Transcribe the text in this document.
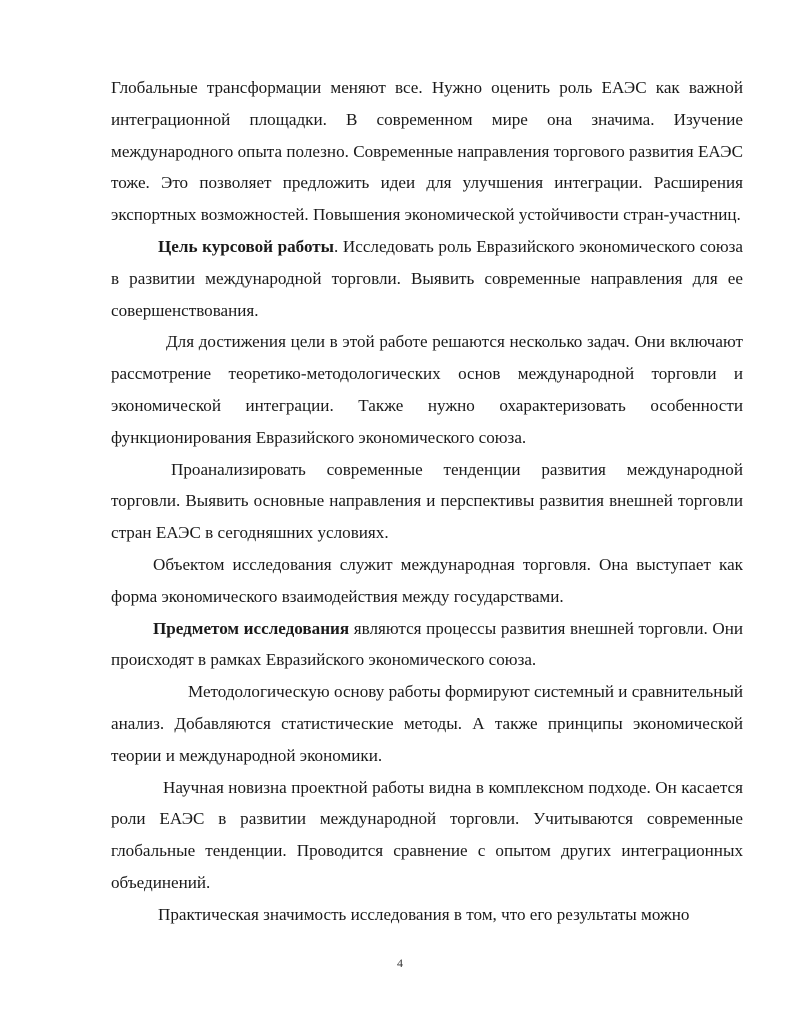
Глобальные трансформации меняют все. Нужно оценить роль ЕАЭС как важной интеграционной площадки. В современном мире она значима. Изучение международного опыта полезно. Современные направления торгового развития ЕАЭС тоже. Это позволяет предложить идеи для улучшения интеграции. Расширения экспортных возможностей. Повышения экономической устойчивости стран-участниц.

Цель курсовой работы. Исследовать роль Евразийского экономического союза в развитии международной торговли. Выявить современные направления для ее совершенствования.

Для достижения цели в этой работе решаются несколько задач. Они включают рассмотрение теоретико-методологических основ международной торговли и экономической интеграции. Также нужно охарактеризовать особенности функционирования Евразийского экономического союза.

Проанализировать современные тенденции развития международной торговли. Выявить основные направления и перспективы развития внешней торговли стран ЕАЭС в сегодняшних условиях.

Объектом исследования служит международная торговля. Она выступает как форма экономического взаимодействия между государствами.

Предметом исследования являются процессы развития внешней торговли. Они происходят в рамках Евразийского экономического союза.

Методологическую основу работы формируют системный и сравнительный анализ. Добавляются статистические методы. А также принципы экономической теории и международной экономики.

Научная новизна проектной работы видна в комплексном подходе. Он касается роли ЕАЭС в развитии международной торговли. Учитываются современные глобальные тенденции. Проводится сравнение с опытом других интеграционных объединений.

Практическая значимость исследования в том, что его результаты можно

4
